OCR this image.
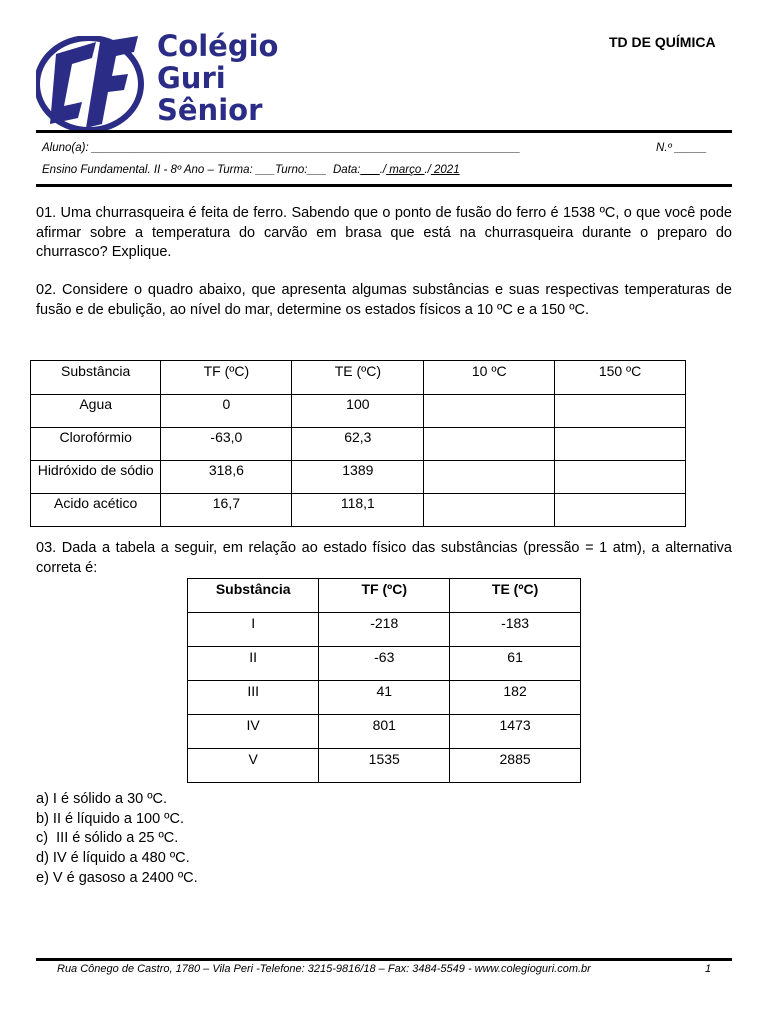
Colégio
Guri
Sênior
TD DE QUÍMICA
Aluno(a): ___________________________________________________________________	N.º _____
Ensino Fundamental. II - 8º Ano – Turma: ___Turno:___  Data:___./ março ./ 2021

01. Uma churrasqueira é feita de ferro. Sabendo que o ponto de fusão do ferro é 1538 ºC, o que você pode afirmar sobre a temperatura do carvão em brasa que está na churrasqueira durante o preparo do churrasco? Explique.

02. Considere o quadro abaixo, que apresenta algumas substâncias e suas respectivas temperaturas de fusão e de ebulição, ao nível do mar, determine os estados físicos a 10 ºC e a 150 ºC.

Substância	TF (ºC)	TE (ºC)	10 ºC	150 ºC
Agua	0	100		
Clorofórmio	-63,0	62,3		
Hidróxido de sódio	318,6	1389		
Acido acético	16,7	118,1		

03. Dada a tabela a seguir, em relação ao estado físico das substâncias (pressão = 1 atm), a alternativa correta é:

Substância	TF (ºC)	TE (ºC)
I	-218	-183
II	-63	61
III	41	182
IV	801	1473
V	1535	2885
a) I é sólido a 30 ºC.
b) II é líquido a 100 ºC.
c)  III é sólido a 25 ºC.
d) IV é líquido a 480 ºC.
e) V é gasoso a 2400 ºC.
Rua Cônego de Castro, 1780 – Vila Peri -Telefone: 3215-9816/18 – Fax: 3484-5549 - www.colegioguri.com.br	1
